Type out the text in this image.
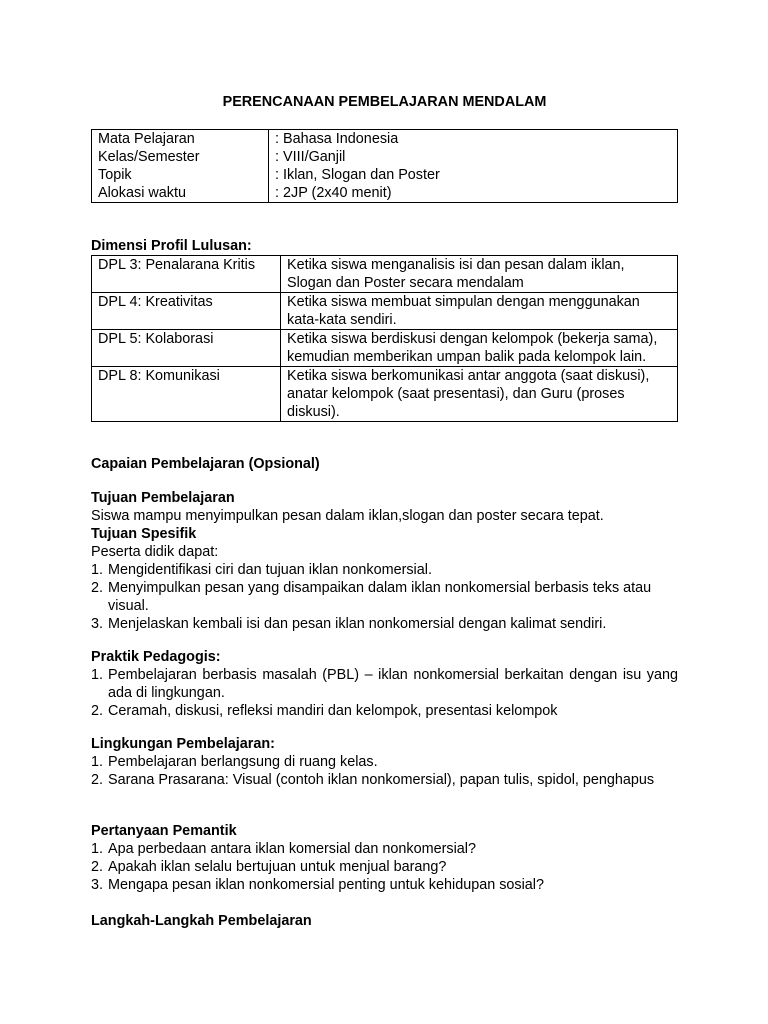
PERENCANAAN PEMBELAJARAN MENDALAM
Mata Pelajaran	: Bahasa Indonesia
Kelas/Semester	: VIII/Ganjil
Topik	: Iklan, Slogan dan Poster
Alokasi waktu	: 2JP (2x40 menit)
Dimensi Profil Lulusan:
DPL 3: Penalarana Kritis	Ketika siswa menganalisis isi dan pesan dalam iklan, Slogan dan Poster secara mendalam
DPL 4: Kreativitas	Ketika siswa membuat simpulan dengan menggunakan kata-kata sendiri.
DPL 5: Kolaborasi	Ketika siswa berdiskusi dengan kelompok (bekerja sama), kemudian memberikan umpan balik pada kelompok lain.
DPL 8: Komunikasi	Ketika siswa berkomunikasi antar anggota (saat diskusi), anatar kelompok (saat presentasi), dan Guru (proses diskusi).
Capaian Pembelajaran (Opsional)
Tujuan Pembelajaran
Siswa mampu menyimpulkan pesan dalam iklan,slogan dan poster secara tepat.
Tujuan Spesifik
Peserta didik dapat:
1. Mengidentifikasi ciri dan tujuan iklan nonkomersial.
2. Menyimpulkan pesan yang disampaikan dalam iklan nonkomersial berbasis teks atau visual.
3. Menjelaskan kembali isi dan pesan iklan nonkomersial dengan kalimat sendiri.
Praktik Pedagogis:
1. Pembelajaran berbasis masalah (PBL) – iklan nonkomersial berkaitan dengan isu yang ada di lingkungan.
2. Ceramah, diskusi, refleksi mandiri dan kelompok, presentasi kelompok
Lingkungan Pembelajaran:
1. Pembelajaran berlangsung di ruang kelas.
2. Sarana Prasarana: Visual (contoh iklan nonkomersial), papan tulis, spidol, penghapus
Pertanyaan Pemantik
1. Apa perbedaan antara iklan komersial dan nonkomersial?
2. Apakah iklan selalu bertujuan untuk menjual barang?
3. Mengapa pesan iklan nonkomersial penting untuk kehidupan sosial?
Langkah-Langkah Pembelajaran
